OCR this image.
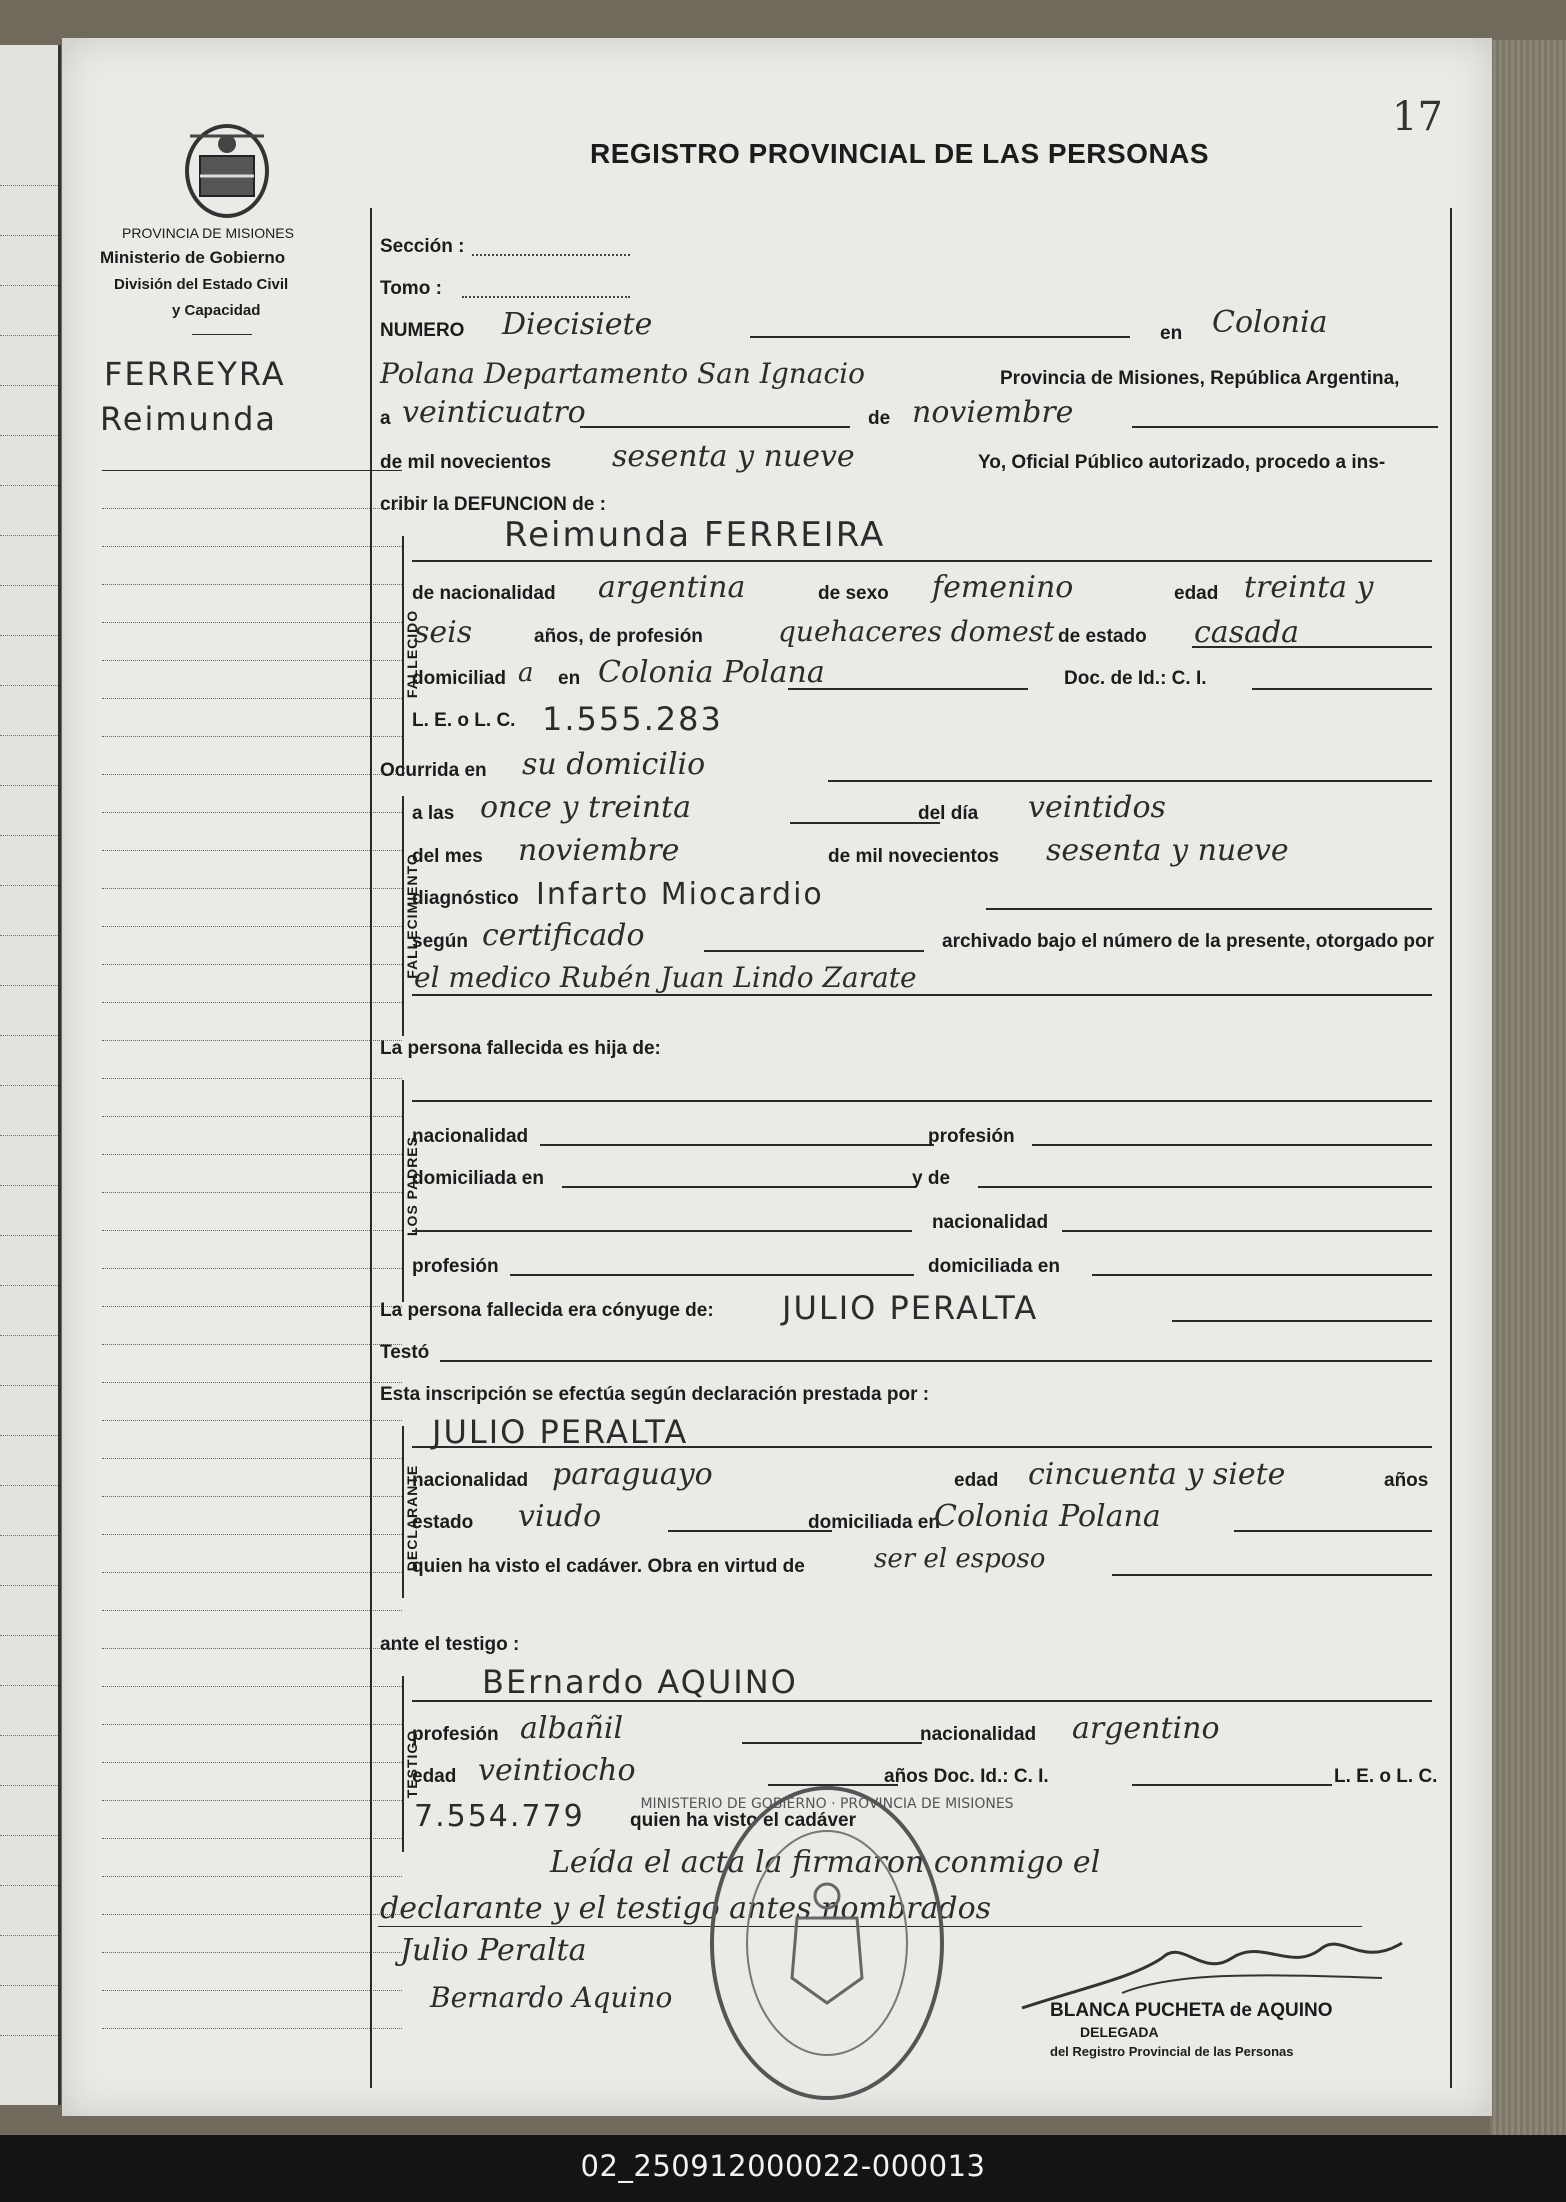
PROVINCIA DE MISIONES
Ministerio de Gobierno
División del Estado Civil
y Capacidad
17
REGISTRO PROVINCIAL DE LAS PERSONAS
FERREYRA
Reimunda
Sección :
Tomo :
NUMERO Diecisiete	en Colonia
Polana Departamento San Ignacio	Provincia de Misiones, República Argentina,
a veinticuatro	de noviembre
de mil novecientos sesenta y nueve	Yo, Oficial Público autorizado, procedo a ins-
cribir la DEFUNCION de :
FALLECIDO
Reimunda FERREIRA
de nacionalidad argentina	de sexo femenino	edad treinta y
seis	años, de profesión	quehaceres domest de estado casada
domiciliad a en Colonia Polana	Doc. de Id.: C. I.
L. E. o L. C. 1.555.283
Ocurrida en su domicilio
FALLECIMIENTO
a las once y treinta	del día veintidos
del mes noviembre	de mil novecientos sesenta y nueve
diagnóstico Infarto Miocardio
según certificado	archivado bajo el número de la presente, otorgado por
el medico Rubén Juan Lindo Zarate
La persona fallecida es hija de:
LOS PADRES
nacionalidad	profesión
domiciliada en	y de
nacionalidad
profesión	domiciliada en
La persona fallecida era cónyuge de: JULIO PERALTA
Testó
Esta inscripción se efectúa según declaración prestada por :
DECLARANTE
JULIO PERALTA
nacionalidad paraguayo	edad cincuenta y siete	años
estado viudo	domiciliada en
Colonia Polana
quien ha visto el cadáver. Obra en virtud de	ser el esposo
ante el testigo :
TESTIGO
BErnardo AQUINO
profesión albañil	nacionalidad argentino
edad veintiocho	años Doc. Id.: C. I.	L. E. o L. C.
7.554.779 quien ha visto el cadáver
Leída el acta la firmaron conmigo el
declarante y el testigo antes nombrados
Julio Peralta
Bernardo Aquino
MINISTERIO DE GOBIERNO · PROVINCIA DE MISIONES
BLANCA PUCHETA de AQUINO
DELEGADA
del Registro Provincial de las Personas
02_250912000022-000013
